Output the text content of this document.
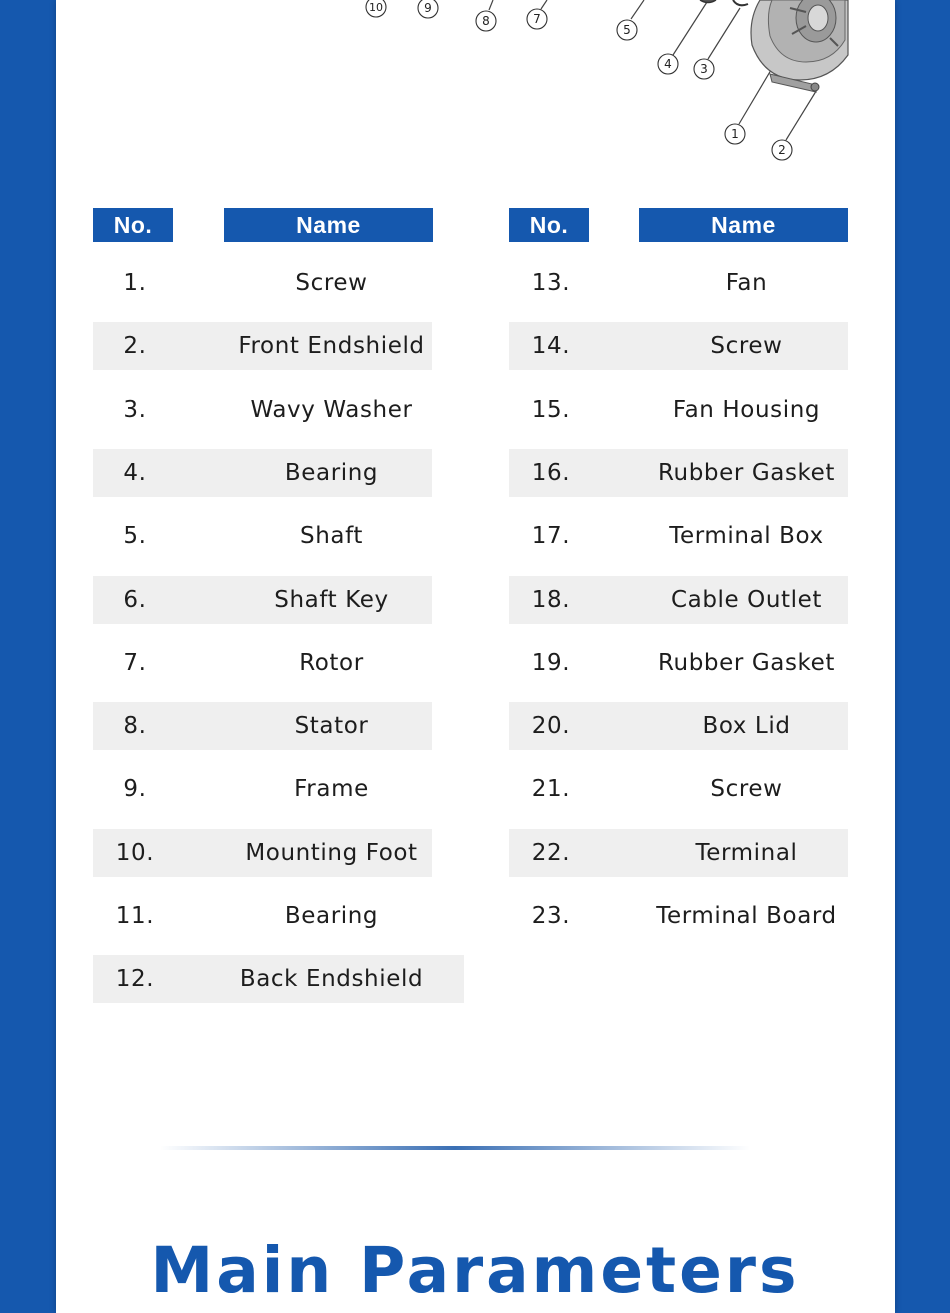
10	9
8	7
5
4 3
1
2
No.	Name	No.	Name
1.	Screw
2.	Front Endshield
3.	Wavy Washer
4.	Bearing
5.	Shaft
6.	Shaft Key
7.	Rotor
8.	Stator
9.	Frame
10.	Mounting Foot
11.	Bearing
12.	Back Endshield
13.	Fan
14.	Screw
15.	Fan Housing
16.	Rubber Gasket
17.	Terminal Box
18.	Cable Outlet
19.	Rubber Gasket
20.	Box Lid
21.	Screw
22.	Terminal
23.	Terminal Board
Main Parameters
